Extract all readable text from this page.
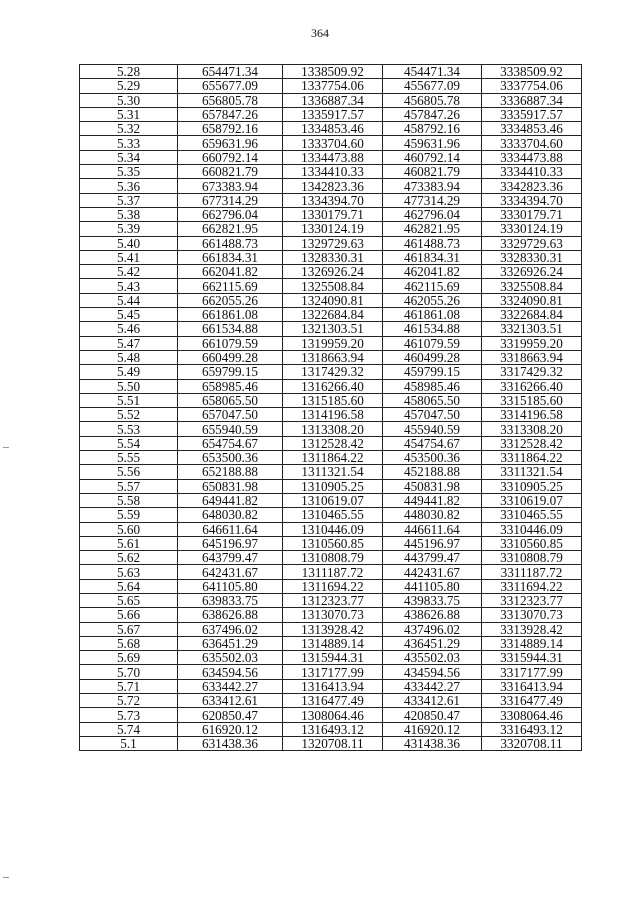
364
5.28	654471.34	1338509.92	454471.34	3338509.92
5.29	655677.09	1337754.06	455677.09	3337754.06
5.30	656805.78	1336887.34	456805.78	3336887.34
5.31	657847.26	1335917.57	457847.26	3335917.57
5.32	658792.16	1334853.46	458792.16	3334853.46
5.33	659631.96	1333704.60	459631.96	3333704.60
5.34	660792.14	1334473.88	460792.14	3334473.88
5.35	660821.79	1334410.33	460821.79	3334410.33
5.36	673383.94	1342823.36	473383.94	3342823.36
5.37	677314.29	1334394.70	477314.29	3334394.70
5.38	662796.04	1330179.71	462796.04	3330179.71
5.39	662821.95	1330124.19	462821.95	3330124.19
5.40	661488.73	1329729.63	461488.73	3329729.63
5.41	661834.31	1328330.31	461834.31	3328330.31
5.42	662041.82	1326926.24	462041.82	3326926.24
5.43	662115.69	1325508.84	462115.69	3325508.84
5.44	662055.26	1324090.81	462055.26	3324090.81
5.45	661861.08	1322684.84	461861.08	3322684.84
5.46	661534.88	1321303.51	461534.88	3321303.51
5.47	661079.59	1319959.20	461079.59	3319959.20
5.48	660499.28	1318663.94	460499.28	3318663.94
5.49	659799.15	1317429.32	459799.15	3317429.32
5.50	658985.46	1316266.40	458985.46	3316266.40
5.51	658065.50	1315185.60	458065.50	3315185.60
5.52	657047.50	1314196.58	457047.50	3314196.58
5.53	655940.59	1313308.20	455940.59	3313308.20
5.54	654754.67	1312528.42	454754.67	3312528.42
5.55	653500.36	1311864.22	453500.36	3311864.22
5.56	652188.88	1311321.54	452188.88	3311321.54
5.57	650831.98	1310905.25	450831.98	3310905.25
5.58	649441.82	1310619.07	449441.82	3310619.07
5.59	648030.82	1310465.55	448030.82	3310465.55
5.60	646611.64	1310446.09	446611.64	3310446.09
5.61	645196.97	1310560.85	445196.97	3310560.85
5.62	643799.47	1310808.79	443799.47	3310808.79
5.63	642431.67	1311187.72	442431.67	3311187.72
5.64	641105.80	1311694.22	441105.80	3311694.22
5.65	639833.75	1312323.77	439833.75	3312323.77
5.66	638626.88	1313070.73	438626.88	3313070.73
5.67	637496.02	1313928.42	437496.02	3313928.42
5.68	636451.29	1314889.14	436451.29	3314889.14
5.69	635502.03	1315944.31	435502.03	3315944.31
5.70	634594.56	1317177.99	434594.56	3317177.99
5.71	633442.27	1316413.94	433442.27	3316413.94
5.72	633412.61	1316477.49	433412.61	3316477.49
5.73	620850.47	1308064.46	420850.47	3308064.46
5.74	616920.12	1316493.12	416920.12	3316493.12
5.1	631438.36	1320708.11	431438.36	3320708.11
